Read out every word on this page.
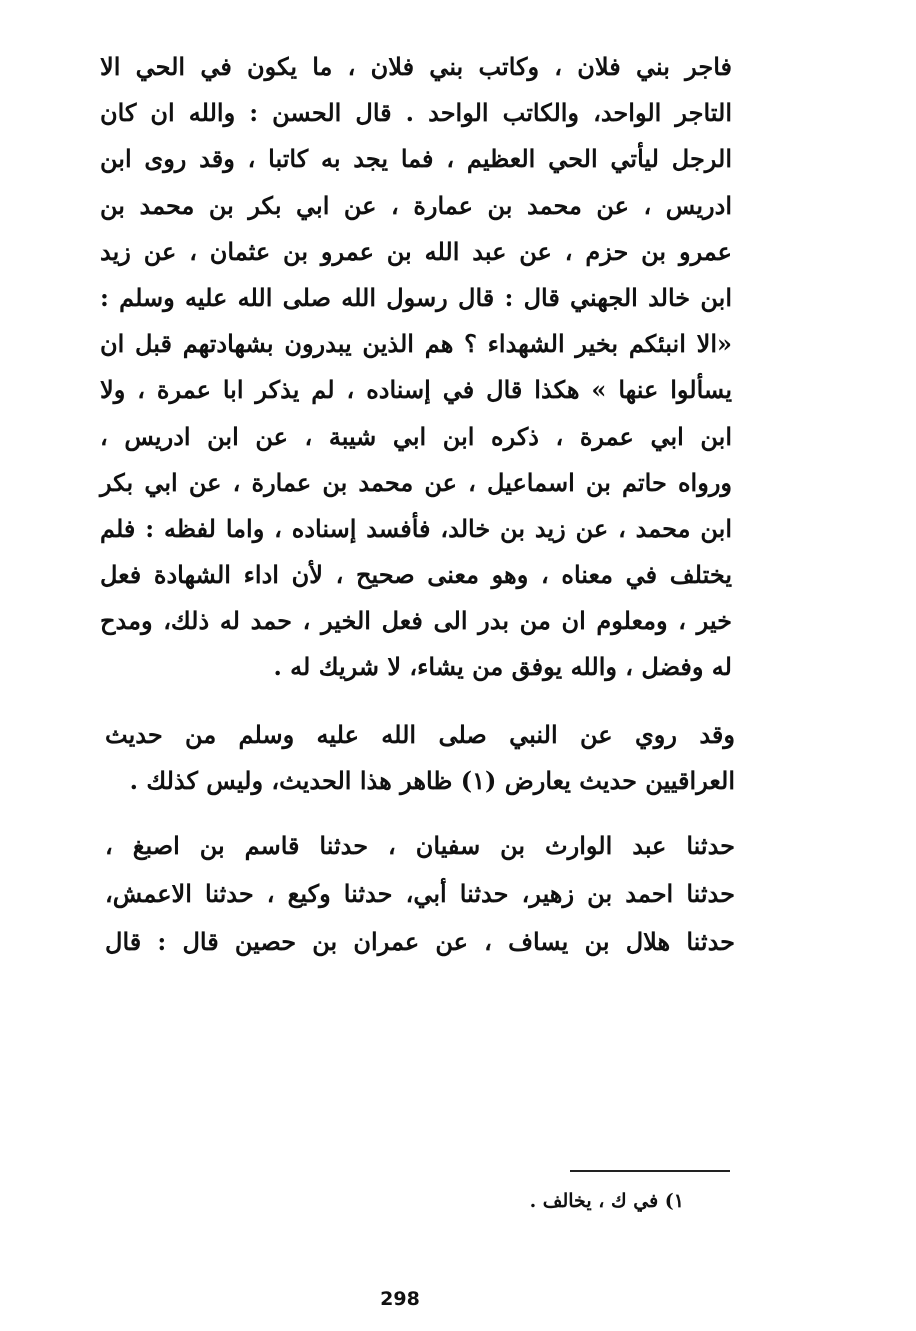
فاجر بني فلان ، وكاتب بني فلان ، ما يكون في الحي الا
التاجر الواحد، والكاتب الواحد . قال الحسن : والله ان كان
الرجل ليأتي الحي العظيم ، فما يجد به كاتبا ، وقد روى ابن
ادريس ، عن محمد بن عمارة ، عن ابي بكر بن محمد بن
عمرو بن حزم ، عن عبد الله بن عمرو بن عثمان ، عن زيد
ابن خالد الجهني قال : قال رسول الله صلى الله عليه وسلم :
«الا انبئكم بخير الشهداء ؟ هم الذين يبدرون بشهادتهم قبل ان
يسألوا عنها » هكذا قال في إسناده ، لم يذكر ابا عمرة ، ولا
ابن ابي عمرة ، ذكره ابن ابي شيبة ، عن ابن ادريس ،
ورواه حاتم بن اسماعيل ، عن محمد بن عمارة ، عن ابي بكر
ابن محمد ، عن زيد بن خالد، فأفسد إسناده ، واما لفظه : فلم
يختلف في معناه ، وهو معنى صحيح ، لأن اداء الشهادة فعل
خير ، ومعلوم ان من بدر الى فعل الخير ، حمد له ذلك، ومدح
له وفضل ، والله يوفق من يشاء، لا شريك له .
وقد روي عن النبي صلى الله عليه وسلم من حديث
العراقيين حديث يعارض (١) ظاهر هذا الحديث، وليس كذلك .
حدثنا عبد الوارث بن سفيان ، حدثنا قاسم بن اصبغ ،
حدثنا احمد بن زهير، حدثنا أبي، حدثنا وكيع ، حدثنا الاعمش،
حدثنا هلال بن يساف ، عن عمران بن حصين قال : قال
١) في ك ، يخالف .
298
